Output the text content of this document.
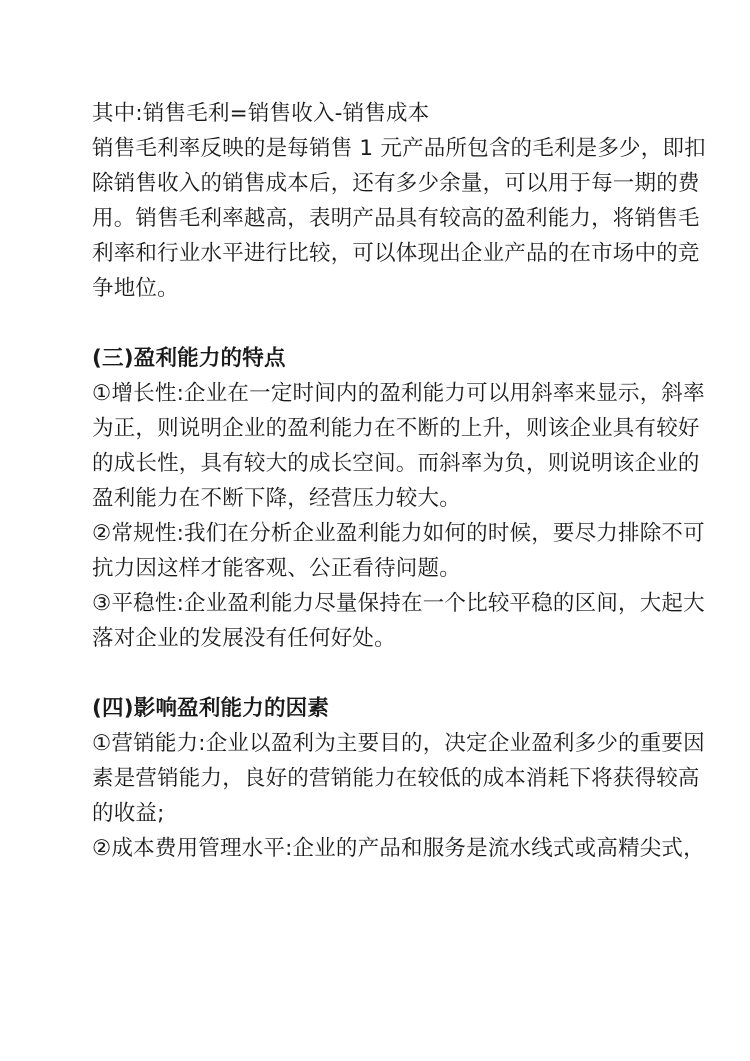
其中:销售毛利=销售收入-销售成本
销售毛利率反映的是每销售 1 元产品所包含的毛利是多少，即扣
除销售收入的销售成本后，还有多少余量，可以用于每一期的费
用。销售毛利率越高，表明产品具有较高的盈利能力，将销售毛
利率和行业水平进行比较，可以体现出企业产品的在市场中的竞
争地位。
(三)盈利能力的特点
①增长性:企业在一定时间内的盈利能力可以用斜率来显示，斜率
为正，则说明企业的盈利能力在不断的上升，则该企业具有较好
的成长性，具有较大的成长空间。而斜率为负，则说明该企业的
盈利能力在不断下降，经营压力较大。
②常规性:我们在分析企业盈利能力如何的时候，要尽力排除不可
抗力因这样才能客观、公正看待问题。
③平稳性:企业盈利能力尽量保持在一个比较平稳的区间，大起大
落对企业的发展没有任何好处。
(四)影响盈利能力的因素
①营销能力:企业以盈利为主要目的，决定企业盈利多少的重要因
素是营销能力，良好的营销能力在较低的成本消耗下将获得较高
的收益;
②成本费用管理水平:企业的产品和服务是流水线式或高精尖式，
